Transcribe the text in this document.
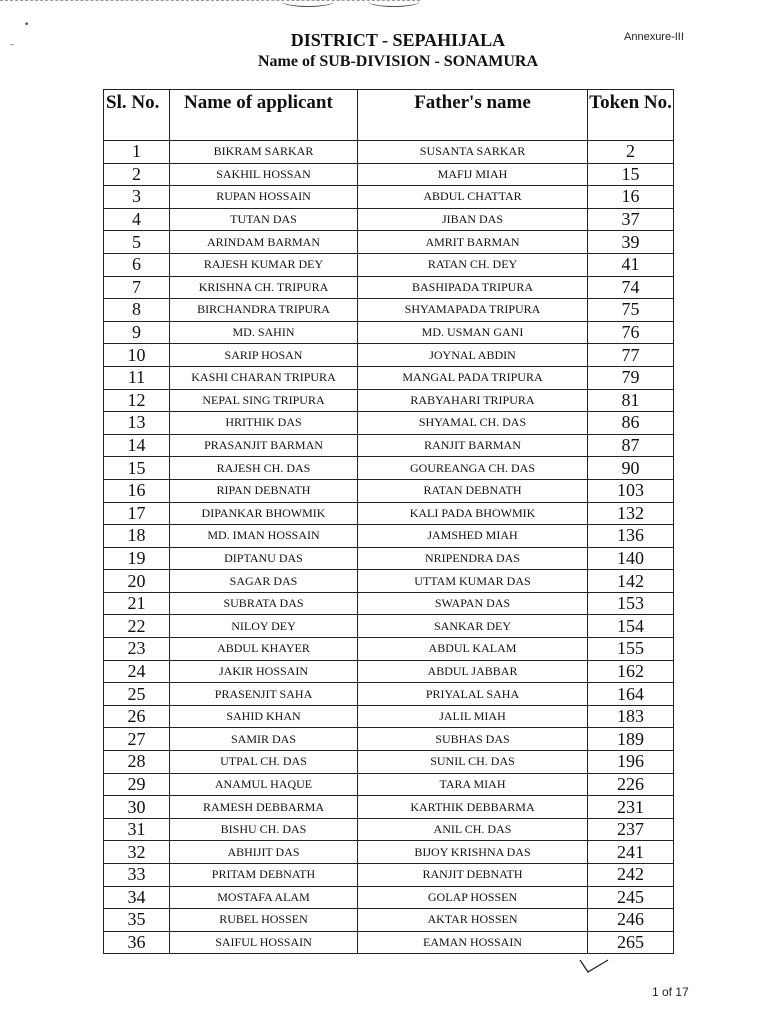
•
–	DISTRICT - SEPAHIJALA
Name of SUB-DIVISION - SONAMURA
Annexure-III
Sl. No.	Name of applicant	Father's name	Token No.
1	BIKRAM SARKAR	SUSANTA SARKAR	2
2	SAKHIL HOSSAN	MAFIJ MIAH	15
3	RUPAN HOSSAIN	ABDUL CHATTAR	16
4	TUTAN DAS	JIBAN DAS	37
5	ARINDAM BARMAN	AMRIT BARMAN	39
6	RAJESH KUMAR DEY	RATAN CH. DEY	41
7	KRISHNA CH. TRIPURA	BASHIPADA TRIPURA	74
8	BIRCHANDRA TRIPURA	SHYAMAPADA TRIPURA	75
9	MD. SAHIN	MD. USMAN GANI	76
10	SARIP HOSAN	JOYNAL ABDIN	77
11	KASHI CHARAN TRIPURA	MANGAL PADA TRIPURA	79
12	NEPAL SING TRIPURA	RABYAHARI TRIPURA	81
13	HRITHIK DAS	SHYAMAL CH. DAS	86
14	PRASANJIT BARMAN	RANJIT BARMAN	87
15	RAJESH CH. DAS	GOUREANGA CH. DAS	90
16	RIPAN DEBNATH	RATAN DEBNATH	103
17	DIPANKAR BHOWMIK	KALI PADA BHOWMIK	132
18	MD. IMAN HOSSAIN	JAMSHED MIAH	136
19	DIPTANU DAS	NRIPENDRA DAS	140
20	SAGAR DAS	UTTAM KUMAR DAS	142
21	SUBRATA DAS	SWAPAN DAS	153
22	NILOY DEY	SANKAR DEY	154
23	ABDUL KHAYER	ABDUL KALAM	155
24	JAKIR HOSSAIN	ABDUL JABBAR	162
25	PRASENJIT SAHA	PRIYALAL SAHA	164
26	SAHID KHAN	JALIL MIAH	183
27	SAMIR DAS	SUBHAS DAS	189
28	UTPAL CH. DAS	SUNIL CH. DAS	196
29	ANAMUL HAQUE	TARA MIAH	226
30	RAMESH DEBBARMA	KARTHIK DEBBARMA	231
31	BISHU CH. DAS	ANIL CH. DAS	237
32	ABHIJIT DAS	BIJOY KRISHNA DAS	241
33	PRITAM DEBNATH	RANJIT DEBNATH	242
34	MOSTAFA ALAM	GOLAP HOSSEN	245
35	RUBEL HOSSEN	AKTAR HOSSEN	246
36	SAIFUL HOSSAIN	EAMAN HOSSAIN	265
1 of 17
